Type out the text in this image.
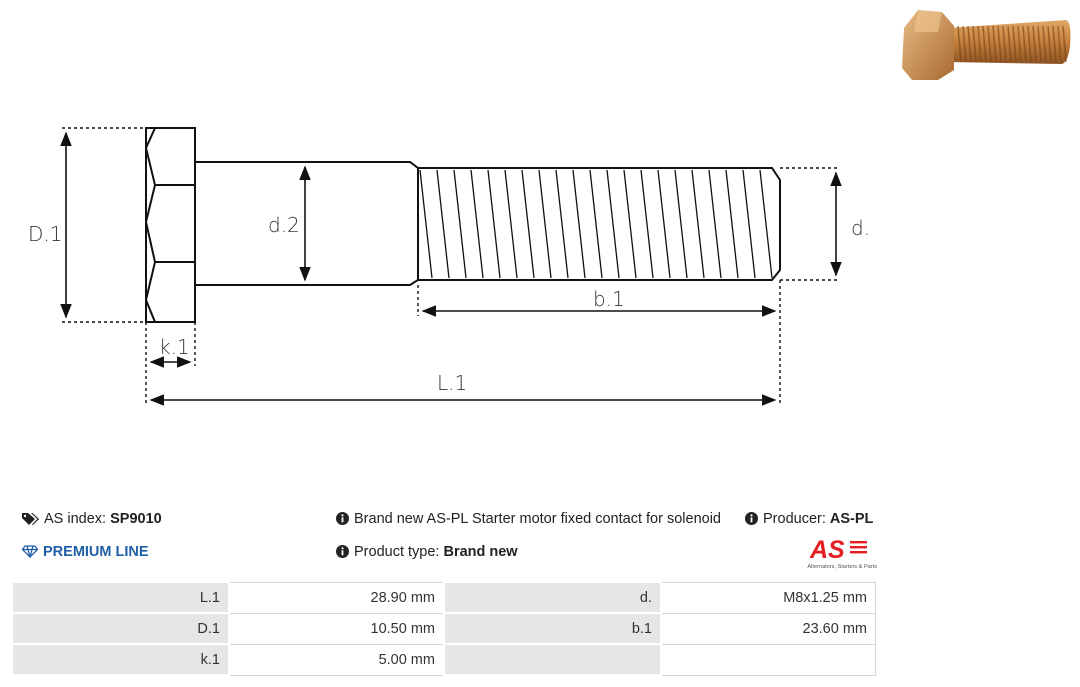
D.1	d.2	d.
b.1
k.1
L.1
AS index: SP9010
PREMIUM LINE
Brand new AS-PL Starter motor fixed contact for solenoid	Producer: AS-PL
Product type: Brand new	AS
Alternators, Starters & Parts
L.1	28.90 mm	d.	M8x1.25 mm
D.1	10.50 mm	b.1	23.60 mm
k.1	5.00 mm		
